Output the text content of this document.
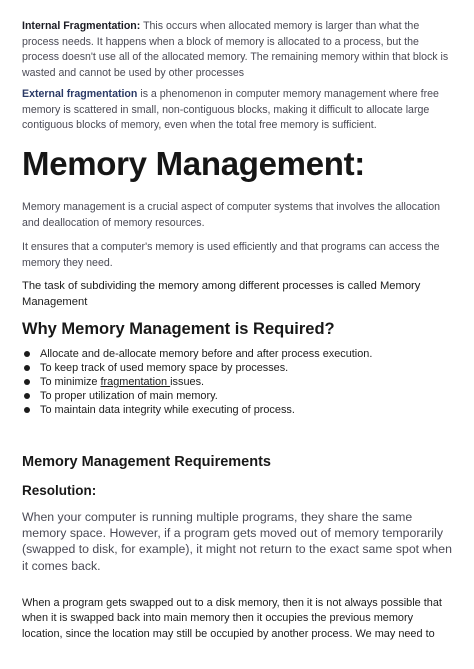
Internal Fragmentation: This occurs when allocated memory is larger than what the process needs. It happens when a block of memory is allocated to a process, but the process doesn't use all of the allocated memory. The remaining memory within that block is wasted and cannot be used by other processes
External fragmentation is a phenomenon in computer memory management where free memory is scattered in small, non-contiguous blocks, making it difficult to allocate large contiguous blocks of memory, even when the total free memory is sufficient.
Memory Management:
Memory management is a crucial aspect of computer systems that involves the allocation and deallocation of memory resources.
It ensures that a computer's memory is used efficiently and that programs can access the memory they need.
The task of subdividing the memory among different processes is called Memory Management
Why Memory Management is Required?
Allocate and de-allocate memory before and after process execution.
To keep track of used memory space by processes.
To minimize fragmentation issues.
To proper utilization of main memory.
To maintain data integrity while executing of process.
Memory Management Requirements
Resolution:
When your computer is running multiple programs, they share the same memory space. However, if a program gets moved out of memory temporarily (swapped to disk, for example), it might not return to the exact same spot when it comes back.
When a program gets swapped out to a disk memory, then it is not always possible that when it is swapped back into main memory then it occupies the previous memory location, since the location may still be occupied by another process. We may need to
